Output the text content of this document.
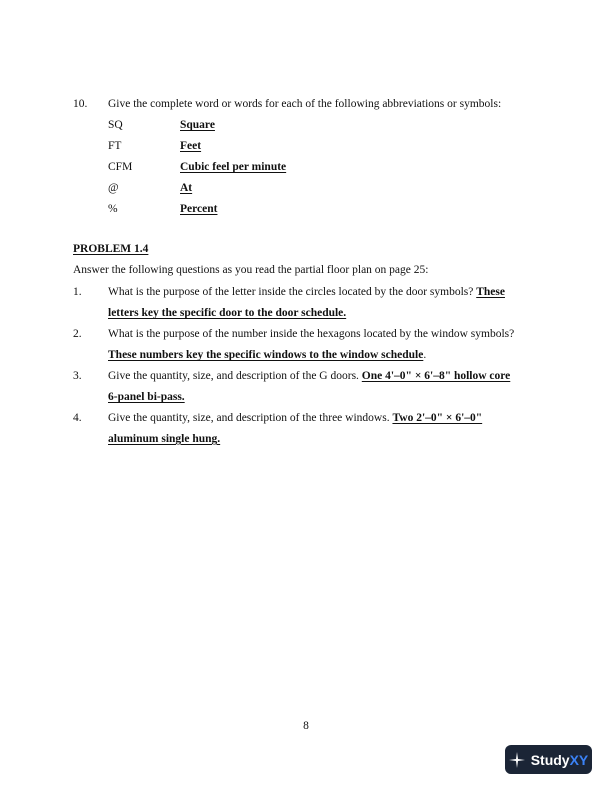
10. Give the complete word or words for each of the following abbreviations or symbols:
SQ	Square
FT	Feet
CFM	Cubic feel per minute
@	At
%	Percent
PROBLEM 1.4
Answer the following questions as you read the partial floor plan on page 25:
1. What is the purpose of the letter inside the circles located by the door symbols? These
letters key the specific door to the door schedule.
2. What is the purpose of the number inside the hexagons located by the window symbols?
These numbers key the specific windows to the window schedule.
3. Give the quantity, size, and description of the G doors. One 4'–0" × 6'–8" hollow core
6-panel bi-pass.
4. Give the quantity, size, and description of the three windows. Two 2'–0" × 6'–0"
aluminum single hung.
8
StudyXY
